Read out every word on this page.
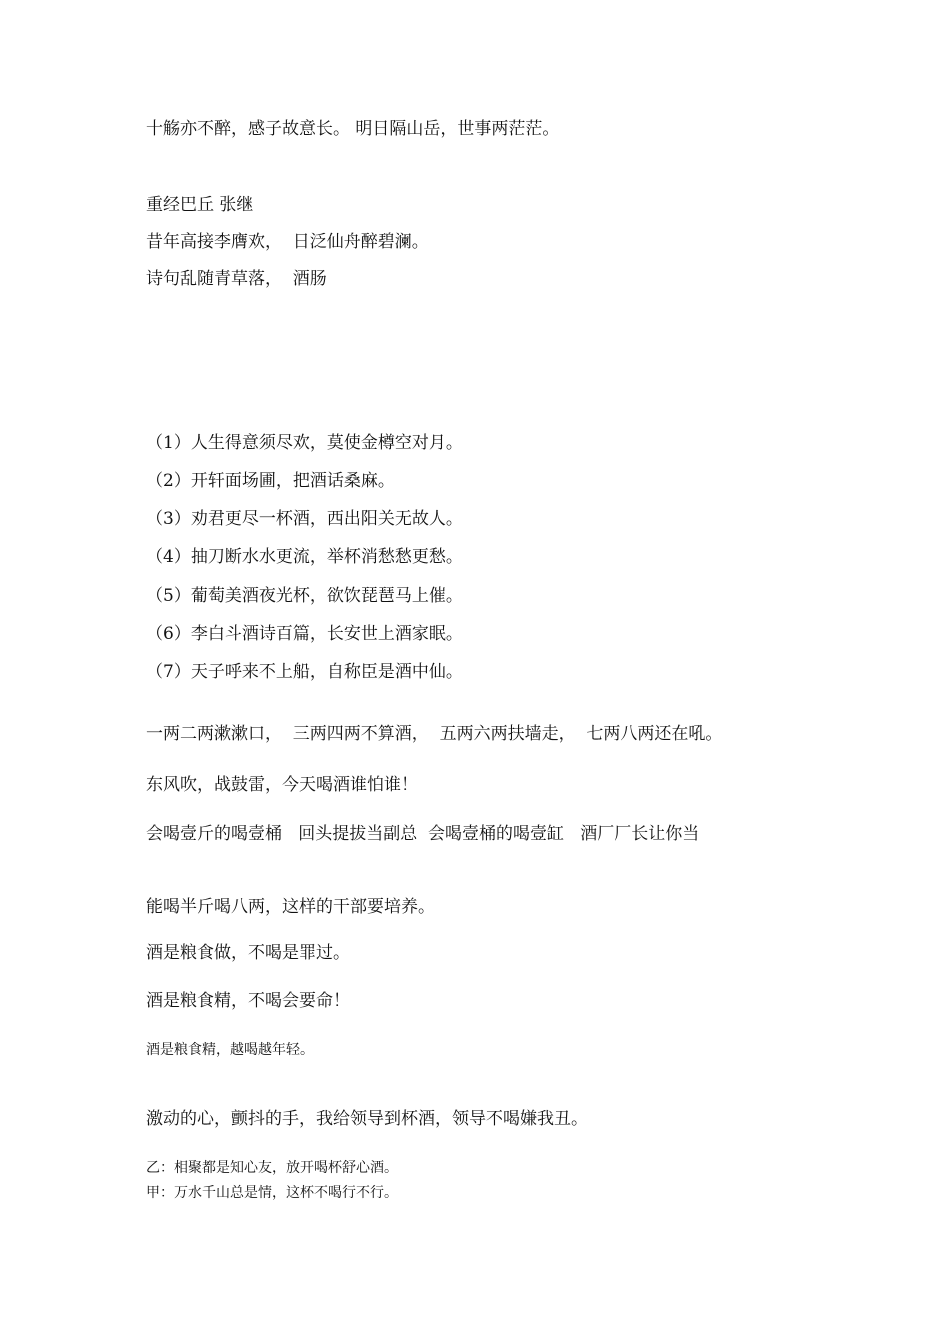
十觞亦不醉，感子故意长。 明日隔山岳，世事两茫茫。
重经巴丘 张继
昔年高接李膺欢，  日泛仙舟醉碧澜。
诗句乱随青草落，  酒肠
（1）人生得意须尽欢，莫使金樽空对月。
（2）开轩面场圃，把酒话桑麻。
（3）劝君更尽一杯酒，西出阳关无故人。
（4）抽刀断水水更流，举杯消愁愁更愁。
（5）葡萄美酒夜光杯，欲饮琵琶马上催。
（6）李白斗酒诗百篇，长安世上酒家眠。
（7）天子呼来不上船，自称臣是酒中仙。
一两二两漱漱口，  三两四两不算酒，  五两六两扶墙走，  七两八两还在吼。
东风吹，战鼓雷，今天喝酒谁怕谁！
会喝壹斤的喝壹桶   回头提拔当副总  会喝壹桶的喝壹缸   酒厂厂长让你当
能喝半斤喝八两，这样的干部要培养。
酒是粮食做，不喝是罪过。
酒是粮食精，不喝会要命！
酒是粮食精，越喝越年轻。
激动的心，颤抖的手，我给领导到杯酒，领导不喝嫌我丑。
乙：相聚都是知心友，放开喝杯舒心酒。
甲：万水千山总是情，这杯不喝行不行。
